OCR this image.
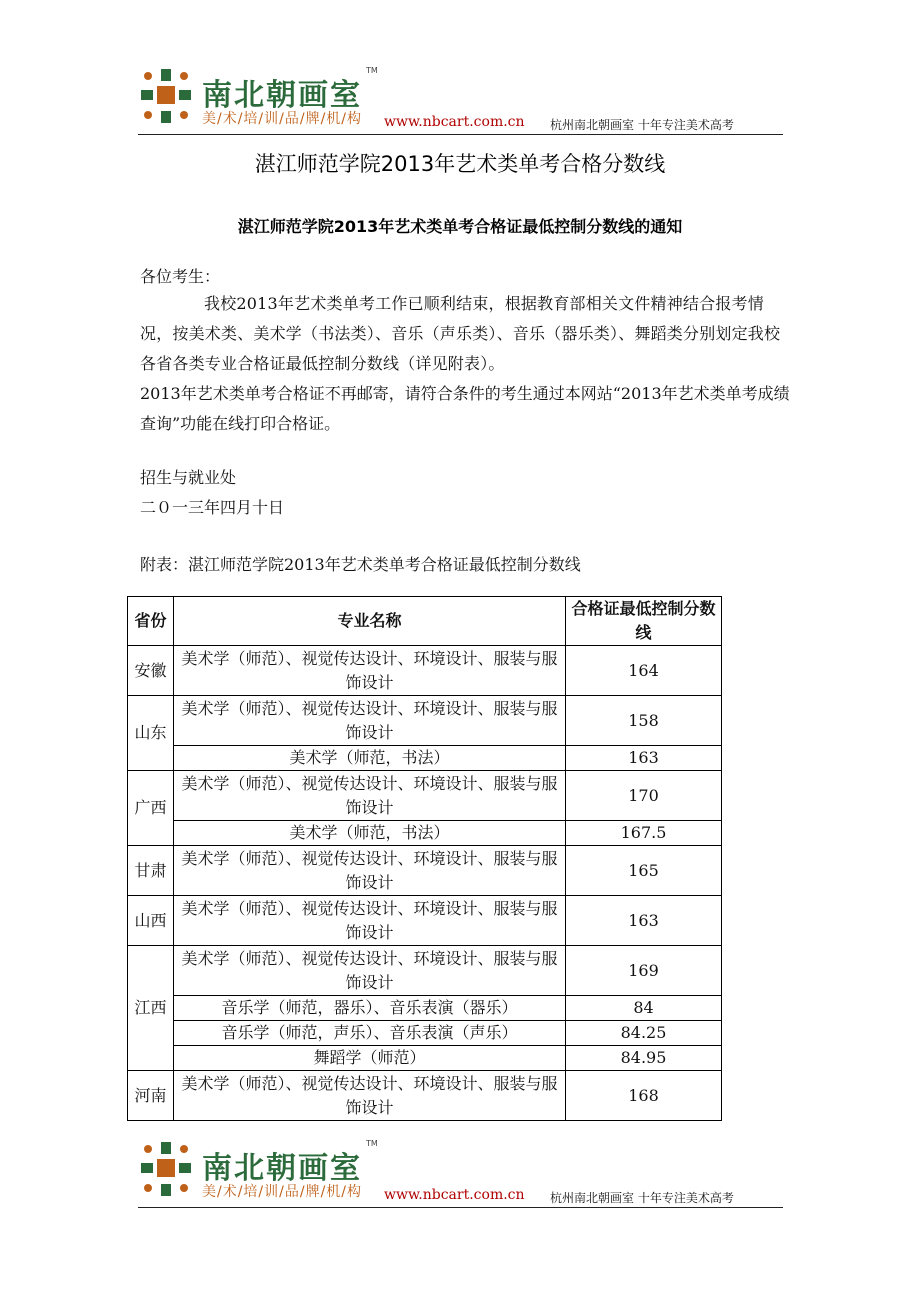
南北朝画室
TM
美/术/培/训/品/牌/机/构 www.nbcart.com.cn 杭州南北朝画室 十年专注美术高考
湛江师范学院2013年艺术类单考合格分数线
湛江师范学院2013年艺术类单考合格证最低控制分数线的通知
各位考生：
我校2013年艺术类单考工作已顺利结束，根据教育部相关文件精神结合报考情况，按美术类、美术学（书法类）、音乐（声乐类）、音乐（器乐类）、舞蹈类分别划定我校各省各类专业合格证最低控制分数线（详见附表）。
2013年艺术类单考合格证不再邮寄，请符合条件的考生通过本网站“2013年艺术类单考成绩查询”功能在线打印合格证。
招生与就业处
二０一三年四月十日
附表：湛江师范学院2013年艺术类单考合格证最低控制分数线
省份	专业名称	合格证最低控制分数线
安徽	美术学（师范）、视觉传达设计、环境设计、服装与服饰设计	164
山东	美术学（师范）、视觉传达设计、环境设计、服装与服饰设计	158
	美术学（师范，书法）	163
广西	美术学（师范）、视觉传达设计、环境设计、服装与服饰设计	170
	美术学（师范，书法）	167.5
甘肃	美术学（师范）、视觉传达设计、环境设计、服装与服饰设计	165
山西	美术学（师范）、视觉传达设计、环境设计、服装与服饰设计	163
江西	美术学（师范）、视觉传达设计、环境设计、服装与服饰设计	169
	音乐学（师范，器乐）、音乐表演（器乐）	84
	音乐学（师范，声乐）、音乐表演（声乐）	84.25
	舞蹈学（师范）	84.95
河南	美术学（师范）、视觉传达设计、环境设计、服装与服饰设计	168
南北朝画室
TM
美/术/培/训/品/牌/机/构 www.nbcart.com.cn 杭州南北朝画室 十年专注美术高考
